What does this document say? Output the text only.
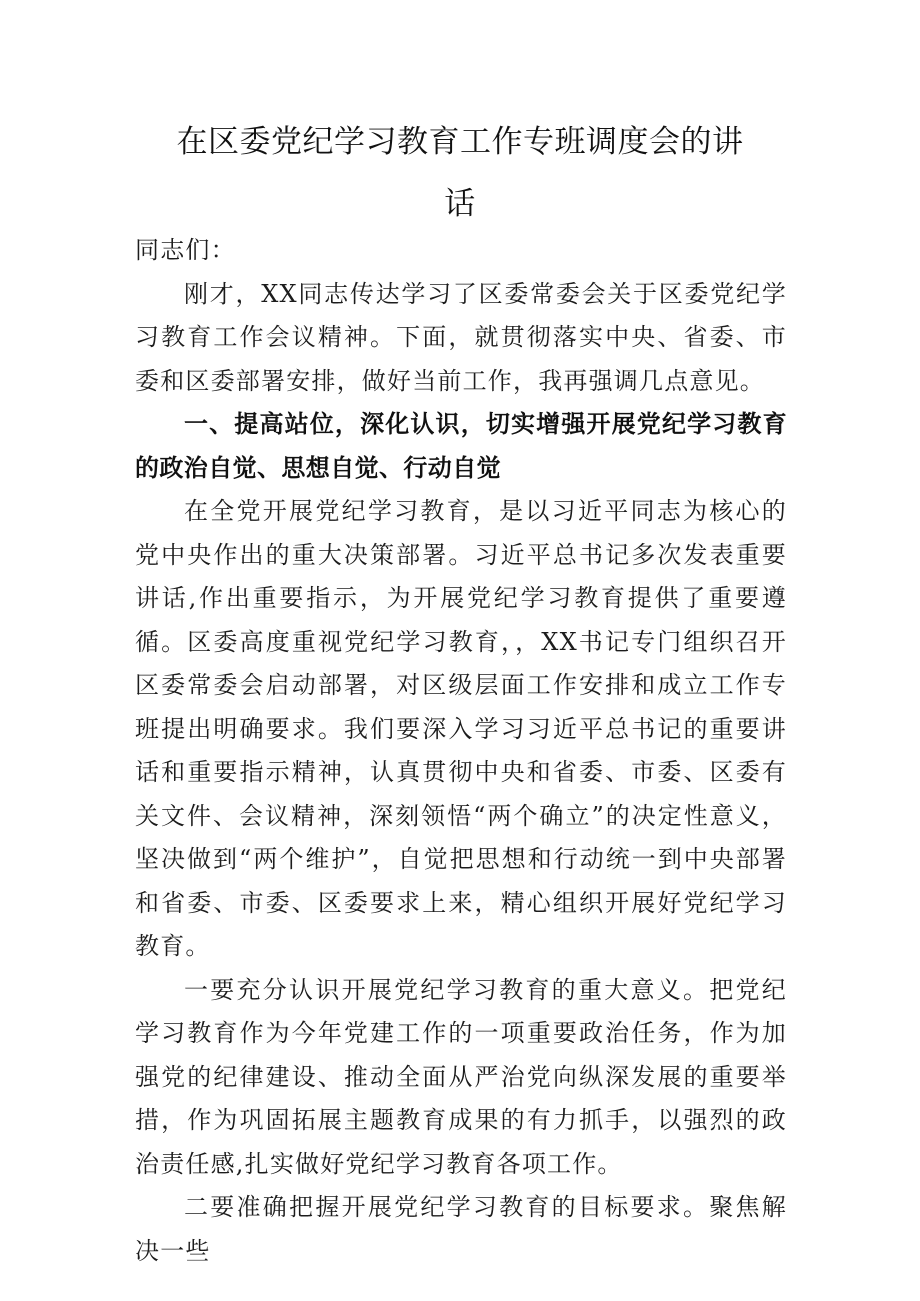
在区委党纪学习教育工作专班调度会的讲
话

同志们：

刚才，XX同志传达学习了区委常委会关于区委党纪学习教育工作会议精神。下面，就贯彻落实中央、省委、市委和区委部署安排，做好当前工作，我再强调几点意见。

一、提高站位，深化认识，切实增强开展党纪学习教育的政治自觉、思想自觉、行动自觉

在全党开展党纪学习教育，是以习近平同志为核心的党中央作出的重大决策部署。习近平总书记多次发表重要讲话,作出重要指示，为开展党纪学习教育提供了重要遵循。区委高度重视党纪学习教育，，XX书记专门组织召开区委常委会启动部署，对区级层面工作安排和成立工作专班提出明确要求。我们要深入学习习近平总书记的重要讲话和重要指示精神，认真贯彻中央和省委、市委、区委有关文件、会议精神，深刻领悟“两个确立”的决定性意义，坚决做到“两个维护”，自觉把思想和行动统一到中央部署和省委、市委、区委要求上来，精心组织开展好党纪学习教育。

一要充分认识开展党纪学习教育的重大意义。把党纪学习教育作为今年党建工作的一项重要政治任务，作为加强党的纪律建设、推动全面从严治党向纵深发展的重要举措，作为巩固拓展主题教育成果的有力抓手，以强烈的政治责任感,扎实做好党纪学习教育各项工作。

二要准确把握开展党纪学习教育的目标要求。聚焦解决一些
